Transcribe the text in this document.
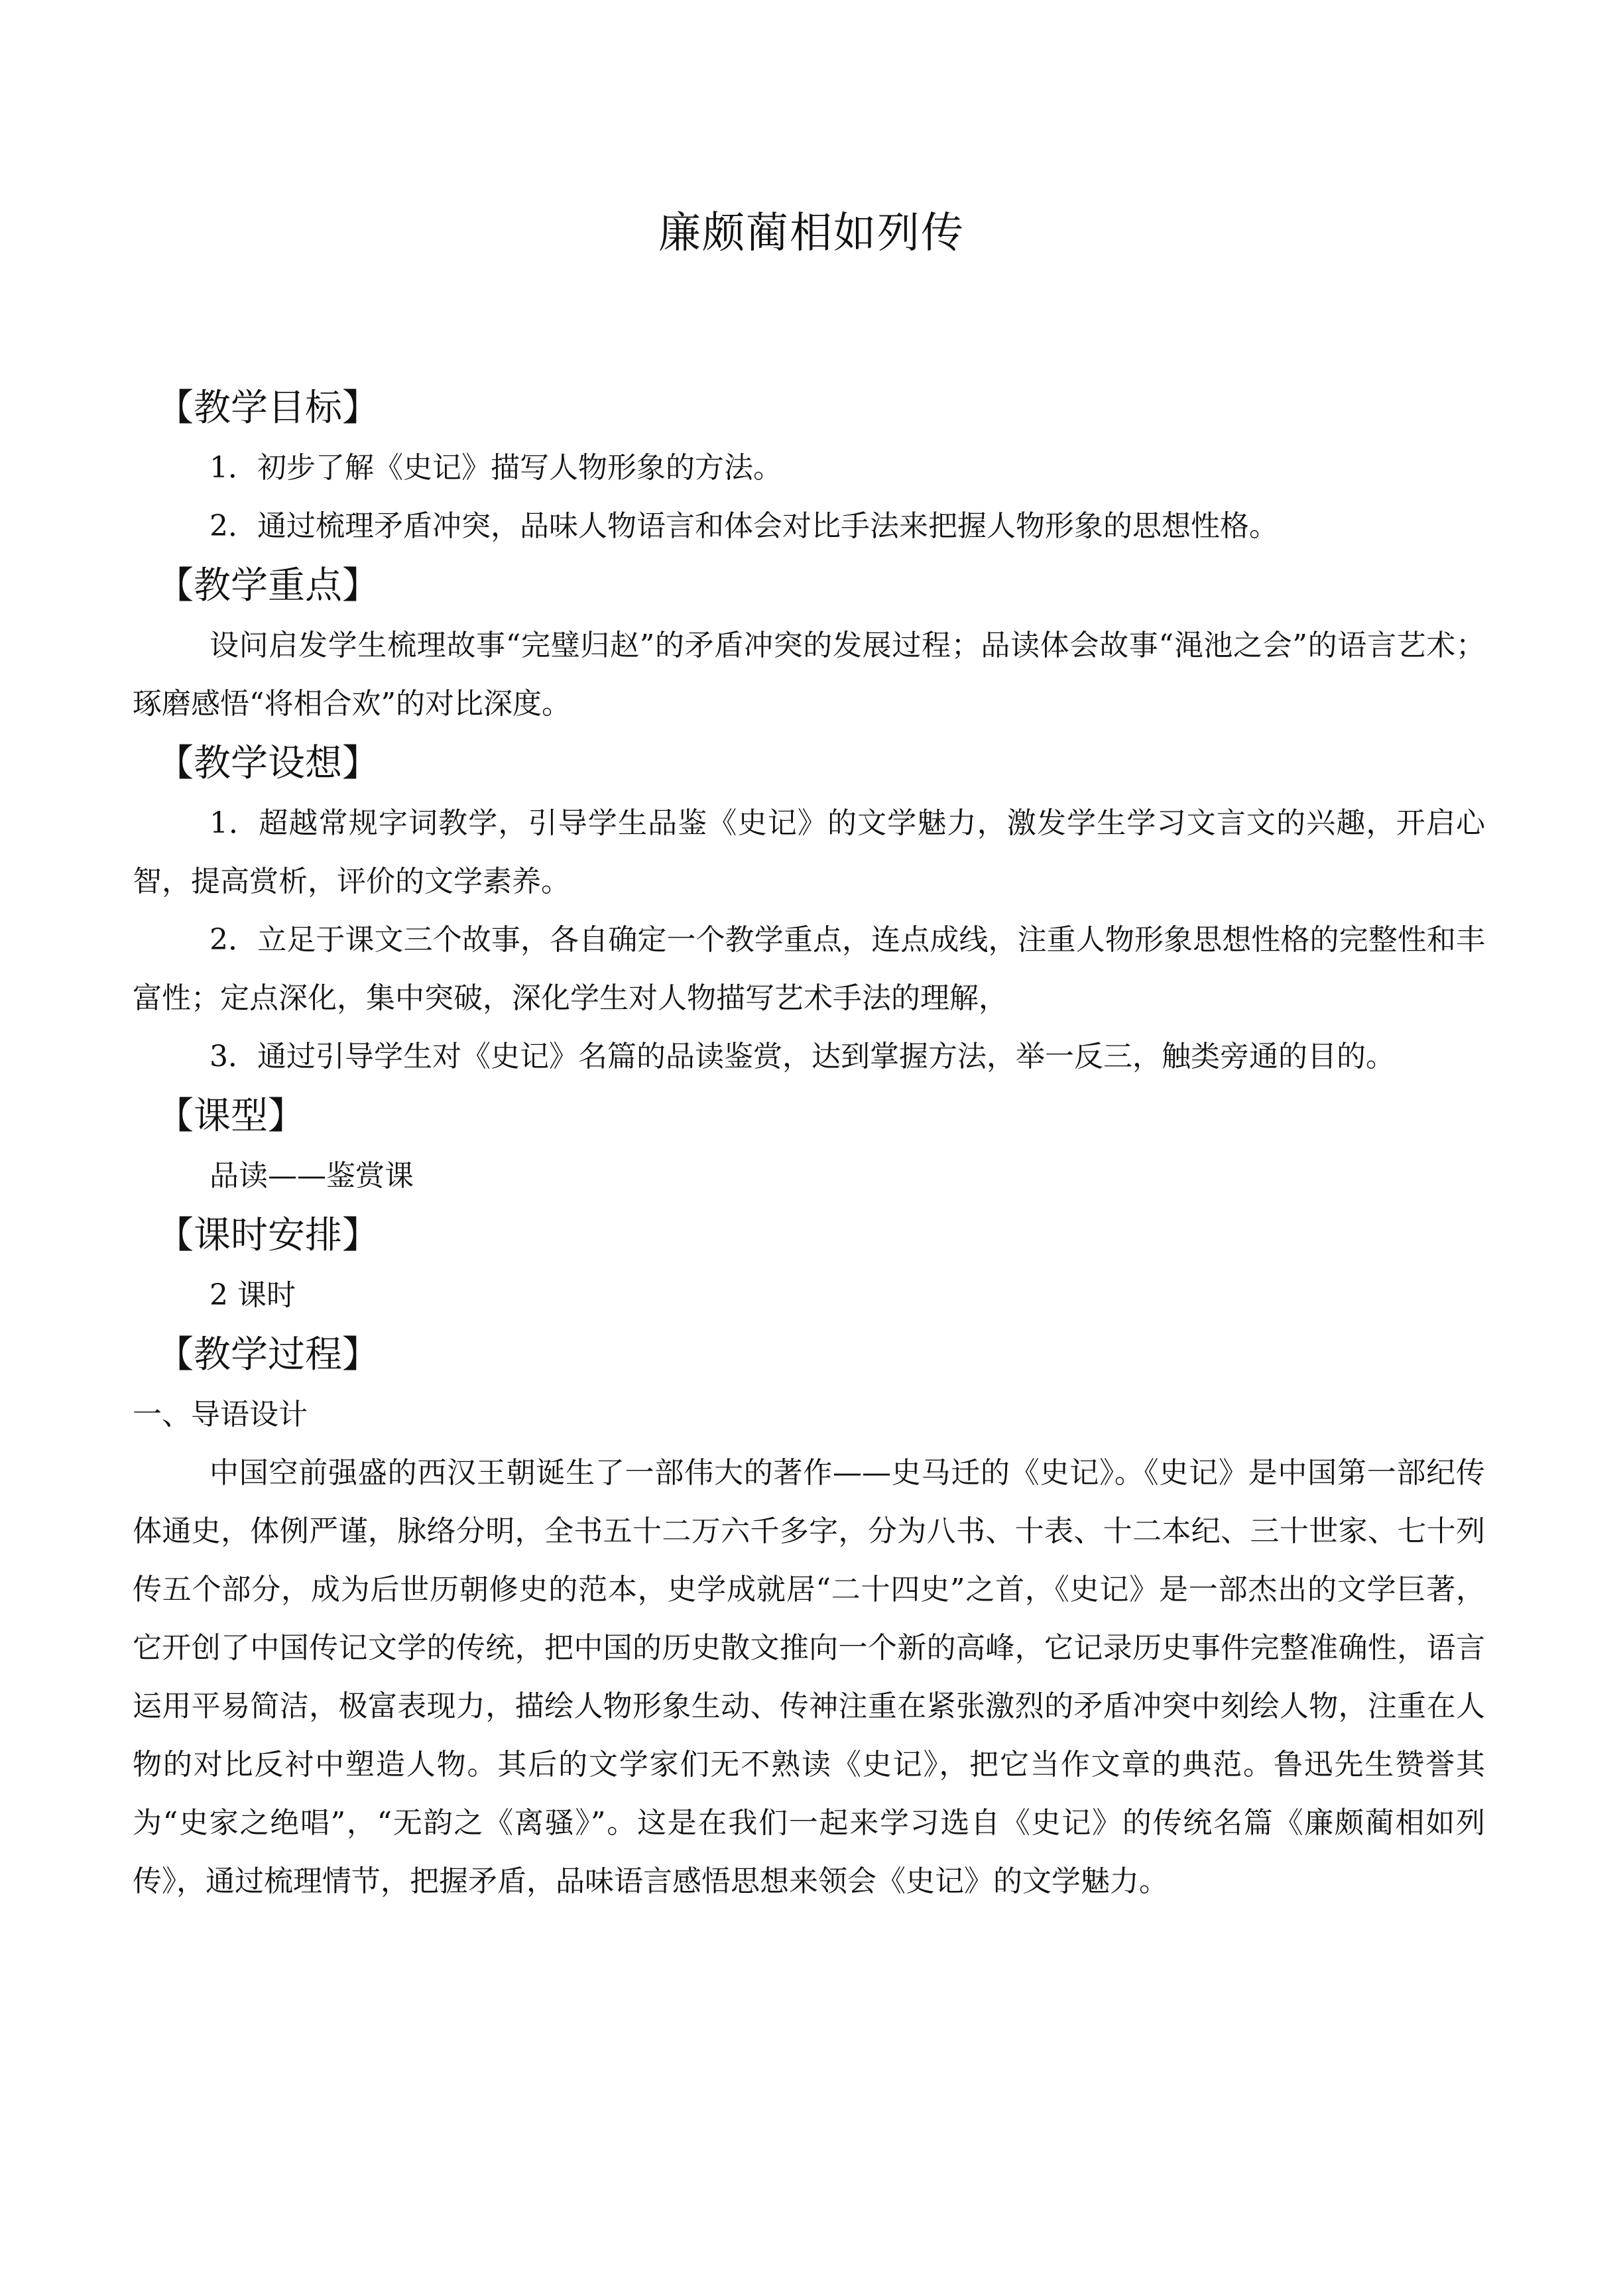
廉颇蔺相如列传
【教学目标】

1．初步了解《史记》描写人物形象的方法。

2．通过梳理矛盾冲突，品味人物语言和体会对比手法来把握人物形象的思想性格。

【教学重点】

设问启发学生梳理故事“完璧归赵”的矛盾冲突的发展过程；品读体会故事“渑池之会”的语言艺术；琢磨感悟“将相合欢”的对比深度。

【教学设想】

1．超越常规字词教学，引导学生品鉴《史记》的文学魅力，激发学生学习文言文的兴趣，开启心智，提高赏析，评价的文学素养。

2．立足于课文三个故事，各自确定一个教学重点，连点成线，注重人物形象思想性格的完整性和丰富性；定点深化，集中突破，深化学生对人物描写艺术手法的理解，

3．通过引导学生对《史记》名篇的品读鉴赏，达到掌握方法，举一反三，触类旁通的目的。

【课型】

品读——鉴赏课

【课时安排】

2 课时

【教学过程】

一、导语设计

中国空前强盛的西汉王朝诞生了一部伟大的著作——史马迁的《史记》。《史记》是中国第一部纪传体通史，体例严谨，脉络分明，全书五十二万六千多字，分为八书、十表、十二本纪、三十世家、七十列传五个部分，成为后世历朝修史的范本，史学成就居“二十四史”之首，《史记》是一部杰出的文学巨著，它开创了中国传记文学的传统，把中国的历史散文推向一个新的高峰，它记录历史事件完整准确性，语言运用平易简洁，极富表现力，描绘人物形象生动、传神注重在紧张激烈的矛盾冲突中刻绘人物，注重在人物的对比反衬中塑造人物。其后的文学家们无不熟读《史记》，把它当作文章的典范。鲁迅先生赞誉其为“史家之绝唱”，“无韵之《离骚》”。这是在我们一起来学习选自《史记》的传统名篇《廉颇蔺相如列传》，通过梳理情节，把握矛盾，品味语言感悟思想来领会《史记》的文学魅力。
